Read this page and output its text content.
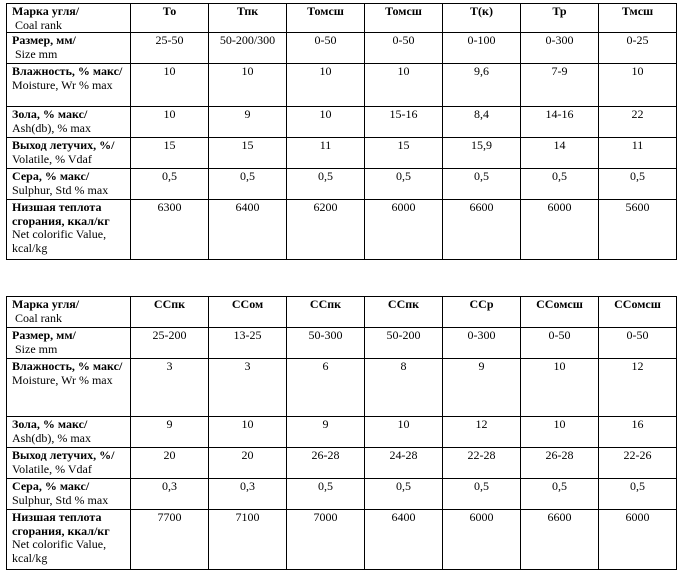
Марка угля/
Coal rank	То	Тпк	Томсш	Томсш	Т(к)	Тр	Тмсш
Размер, мм/
Size mm	25-50	50-200/300	0-50	0-50	0-100	0-300	0-25
Влажность, % макс/
Moisture, Wr % max	10	10	10	10	9,6	7-9	10
Зола, % макс/
Ash(db), % max	10	9	10	15-16	8,4	14-16	22
Выход летучих, %/
Volatile, % Vdaf	15	15	11	15	15,9	14	11
Сера, % макс/
Sulphur, Std % max	0,5	0,5	0,5	0,5	0,5	0,5	0,5
Низшая теплота сгорания, ккал/кг
Net colorific Value, kcal/kg	6300	6400	6200	6000	6600	6000	5600
Марка угля/
Coal rank	ССпк	ССом	ССпк	ССпк	ССр	ССомсш	ССомсш
Размер, мм/
Size mm	25-200	13-25	50-300	50-200	0-300	0-50	0-50
Влажность, % макс/
Moisture, Wr % max	3	3	6	8	9	10	12
Зола, % макс/
Ash(db), % max	9	10	9	10	12	10	16
Выход летучих, %/
Volatile, % Vdaf	20	20	26-28	24-28	22-28	26-28	22-26
Сера, % макс/
Sulphur, Std % max	0,3	0,3	0,5	0,5	0,5	0,5	0,5
Низшая теплота сгорания, ккал/кг
Net colorific Value, kcal/kg	7700	7100	7000	6400	6000	6600	6000
